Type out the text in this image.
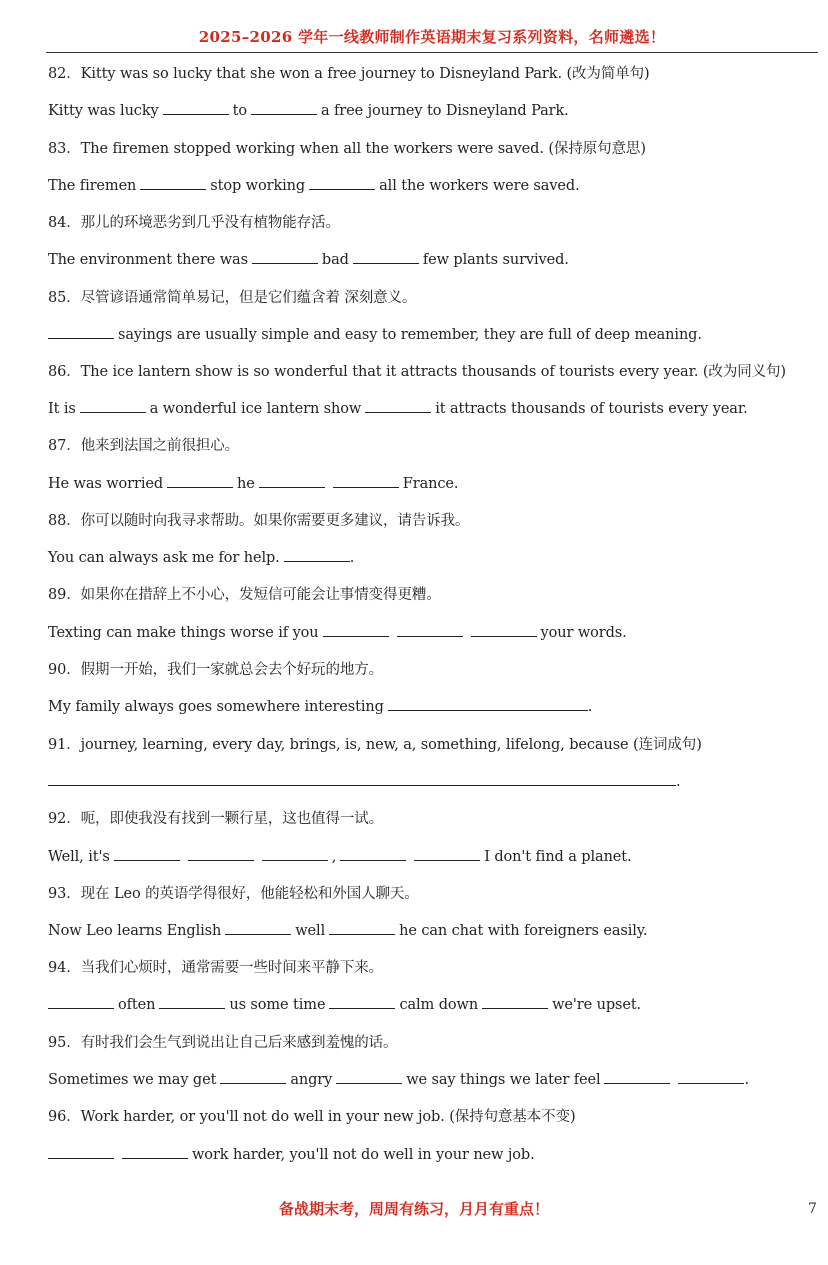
2025–2026 学年一线教师制作英语期末复习系列资料，名师遴选！
82．Kitty was so lucky that she won a free journey to Disneyland Park. (改为简单句)
Kitty was lucky	to	a free journey to Disneyland Park.
83．The firemen stopped working when all the workers were saved. (保持原句意思)
The firemen	stop working	all the workers were saved.
84．那儿的环境恶劣到几乎没有植物能存活。
The environment there was	bad	few plants survived.
85．尽管谚语通常简单易记，但是它们蕴含着 深刻意义。
sayings are usually simple and easy to remember, they are full of deep meaning.
86．The ice lantern show is so wonderful that it attracts thousands of tourists every year. (改为同义句)
It is	a wonderful ice lantern show	it attracts thousands of tourists every year.
87．他来到法国之前很担心。
He was worried	he	France.
88．你可以随时向我寻求帮助。如果你需要更多建议，请告诉我。
You can always ask me for help.	.
89．如果你在措辞上不小心，发短信可能会让事情变得更糟。
Texting can make things worse if you	your words.
90．假期一开始，我们一家就总会去个好玩的地方。
My family always goes somewhere interesting	.
91．journey, learning, every day, brings, is, new, a, something, lifelong, because (连词成句)
.
92．呃，即使我没有找到一颗行星，这也值得一试。
Well, it's	,	I don't find a planet.
93．现在 Leo 的英语学得很好，他能轻松和外国人聊天。
Now Leo learns English	well	he can chat with foreigners easily.
94．当我们心烦时，通常需要一些时间来平静下来。
often	us some time	calm down	we're upset.
95．有时我们会生气到说出让自己后来感到羞愧的话。
Sometimes we may get	angry	we say things we later feel	.
96．Work harder, or you'll not do well in your new job. (保持句意基本不变)
work harder, you'll not do well in your new job.
备战期末考，周周有练习，月月有重点！	7
